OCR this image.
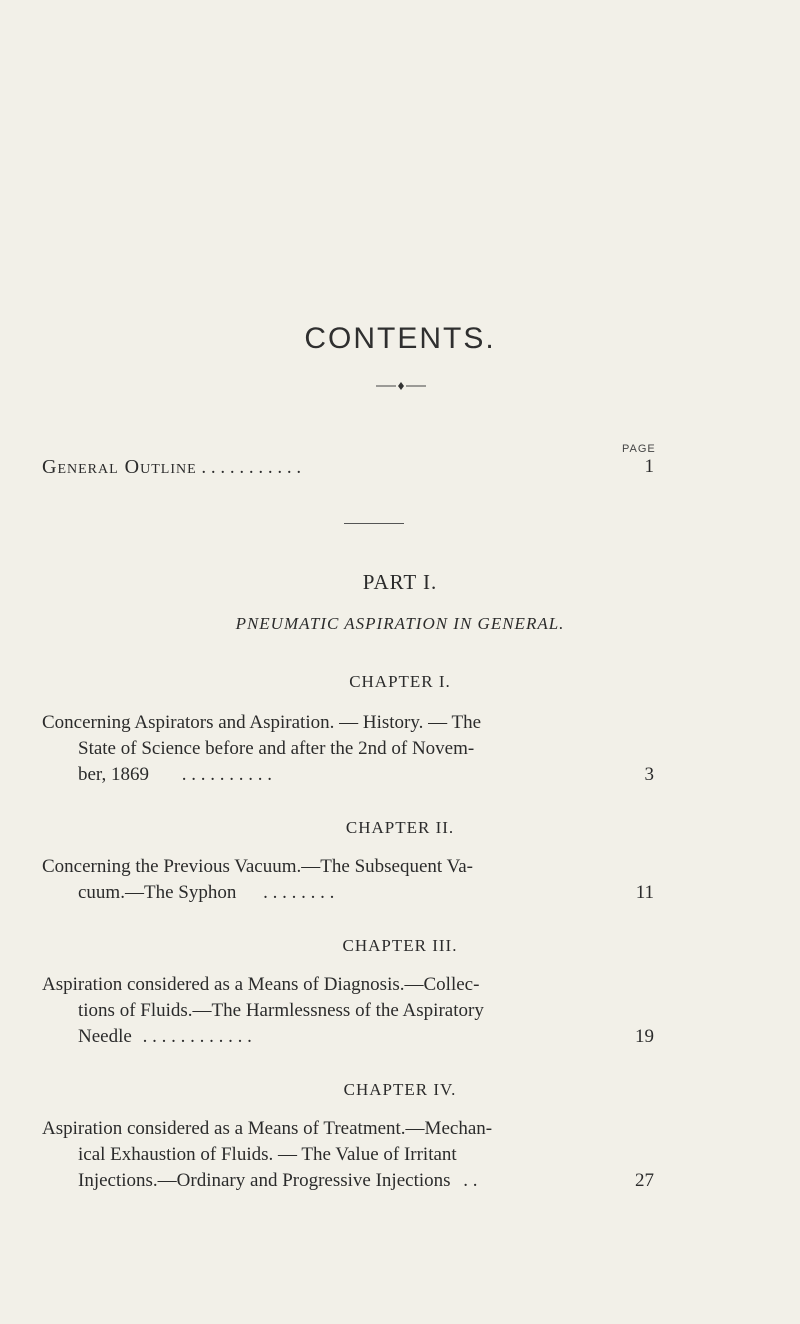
CONTENTS.
PAGE
General Outline . . . . . . . . . . .	1
PART I.
PNEUMATIC ASPIRATION IN GENERAL.
CHAPTER I.
Concerning Aspirators and Aspiration. — History. — The
State of Science before and after the 2nd of Novem-
ber, 1869 . . . . . . . . . .	3
CHAPTER II.
Concerning the Previous Vacuum.—The Subsequent Va-
cuum.—The Syphon . . . . . . . .	11
CHAPTER III.
Aspiration considered as a Means of Diagnosis.—Collec-
tions of Fluids.—The Harmlessness of the Aspiratory
Needle . . . . . . . . . . . .	19
CHAPTER IV.
Aspiration considered as a Means of Treatment.—Mechan-
ical Exhaustion of Fluids. — The Value of Irritant
Injections.—Ordinary and Progressive Injections . .	27
